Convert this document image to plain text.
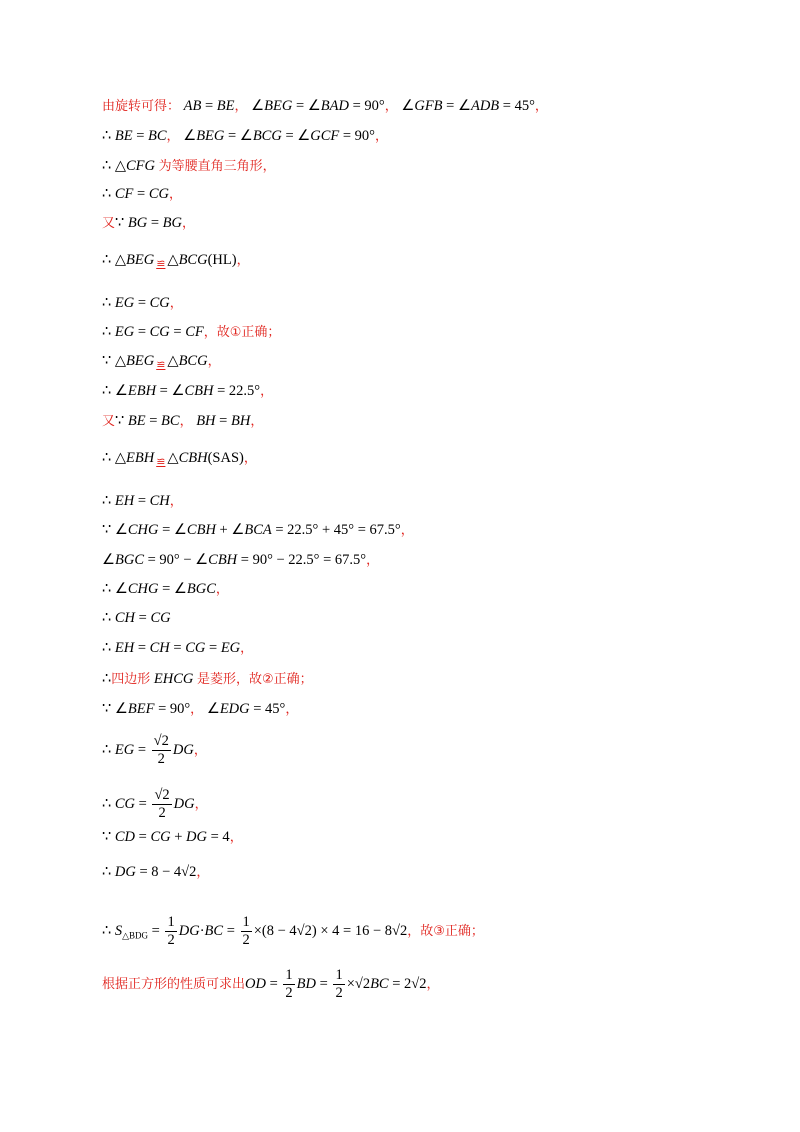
由旋转可得： AB = BE， ∠BEG = ∠BAD = 90°， ∠GFB = ∠ADB = 45°，
∴ BE = BC， ∠BEG = ∠BCG = ∠GCF = 90°，
∴ △CFG 为等腰直角三角形，
∴ CF = CG，
又∵ BG = BG，
∴ △BEG $_≌$ △BCG(HL)，
∴ EG = CG，
∴ EG = CG = CF，故①正确；
∵ △BEG $_≌$ △BCG，
∴ ∠EBH = ∠CBH = 22.5°，
又∵ BE = BC， BH = BH，
∴ △EBH $_≌$ △CBH(SAS)，
∴ EH = CH，
∵ ∠CHG = ∠CBH + ∠BCA = 22.5° + 45° = 67.5°，
∠BGC = 90° − ∠CBH = 90° − 22.5° = 67.5°，
∴ ∠CHG = ∠BGC，
∴ CH = CG
∴ EH = CH = CG = EG，
∴四边形 EHCG 是菱形，故②正确；
∵ ∠BEF = 90°， ∠EDG = 45°，
∴ EG = $\frac{√2}{2}$ DG，
∴ CG = $\frac{√2}{2}$ DG，
∵ CD = CG + DG = 4，
∴ DG = 8 − 4√2，
∴ $S_{\triangle BDG} = \frac{1}{2} DG\cdot BC = \frac{1}{2} \times(8 - 4√2) \times 4 = 16 - 8√2$，故③正确；
根据正方形的性质可求出OD = $\frac{1}{2}$ BD = $\frac{1}{2} \times√2BC = 2√2$，
